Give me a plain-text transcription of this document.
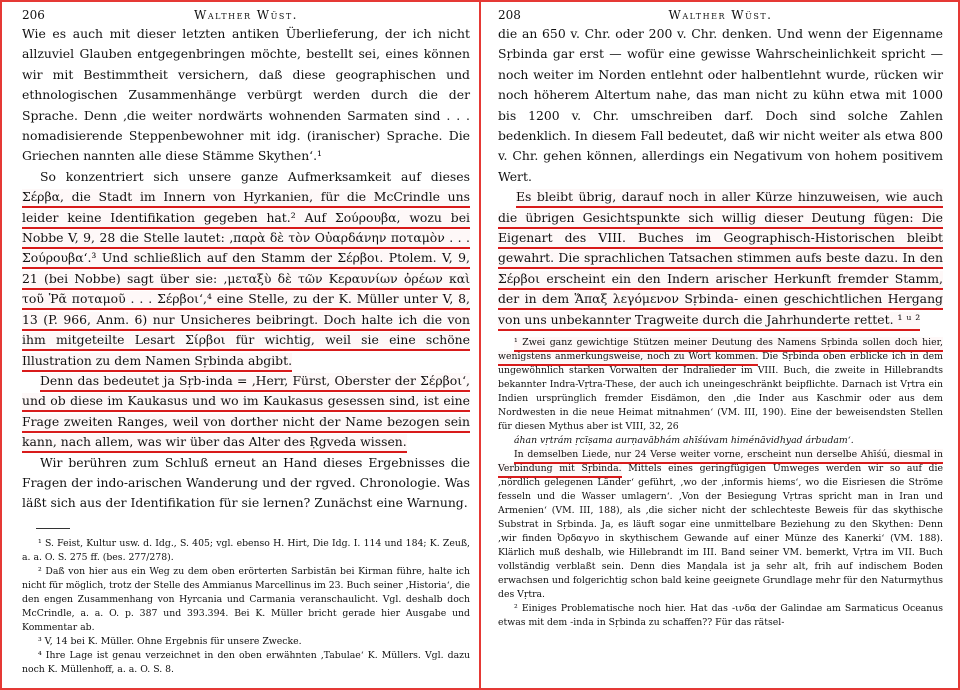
206	Walther Wüst.

Wie es auch mit dieser letzten antiken Überlieferung, der ich nicht allzuviel Glauben entgegenbringen möchte, bestellt sei, eines können wir mit Bestimmtheit versichern, daß diese geographischen und ethnologischen Zusammenhänge verbürgt werden durch die der Sprache. Denn ‚die weiter nordwärts wohnenden Sarmaten sind . . . nomadisierende Steppenbewohner mit idg. (iranischer) Sprache. Die Griechen nannten alle diese Stämme Skythen‘.¹

So konzentriert sich unsere ganze Aufmerksamkeit auf dieses Σέρβα, die Stadt im Innern von Hyrkanien, für die McCrindle uns leider keine Identifikation gegeben hat.² Auf Σούρουβα, wozu bei Nobbe V, 9, 28 die Stelle lautet: ‚παρὰ δὲ τὸν Οὐαρδάνην ποταμὸν . . . Σούρουβα‘.³ Und schließlich auf den Stamm der Σέρβοι. Ptolem. V, 9, 21 (bei Nobbe) sagt über sie: ‚μεταξὺ δὲ τῶν Κεραυνίων ὀρέων καὶ τοῦ Ῥᾶ ποταμοῦ . . . Σέρβοι‘,⁴ eine Stelle, zu der K. Müller unter V, 8, 13 (P. 966, Anm. 6) nur Unsicheres beibringt. Doch halte ich die von ihm mitgeteilte Lesart Σίρβοι für wichtig, weil sie eine schöne Illustration zu dem Namen Sṛbinda abgibt.

Denn das bedeutet ja Sṛb-inda = ‚Herr, Fürst, Oberster der Σέρβοι‘, und ob diese im Kaukasus und wo im Kaukasus gesessen sind, ist eine Frage zweiten Ranges, weil von dorther nicht der Name bezogen sein kann, nach allem, was wir über das Alter des Ṛgveda wissen.

Wir berühren zum Schluß erneut an Hand dieses Ergebnisses die Fragen der indo-arischen Wanderung und der rgved. Chronologie. Was läßt sich aus der Identifikation für sie lernen? Zunächst eine Warnung.

¹ S. Feist, Kultur usw. d. Idg., S. 405; vgl. ebenso H. Hirt, Die Idg. I. 114 und 184; K. Zeuß, a. a. O. S. 275 ff. (bes. 277/278).

² Daß von hier aus ein Weg zu dem oben erörterten Sarbistān bei Kirman führe, halte ich nicht für möglich, trotz der Stelle des Ammianus Marcellinus im 23. Buch seiner ‚Historia‘, die den engen Zusammenhang von Hyrcania und Carmania veranschaulicht. Vgl. deshalb doch McCrindle, a. a. O. p. 387 und 393.394. Bei K. Müller bricht gerade hier Ausgabe und Kommentar ab.

³ V, 14 bei K. Müller. Ohne Ergebnis für unsere Zwecke.

⁴ Ihre Lage ist genau verzeichnet in den oben erwähnten ‚Tabulae‘ K. Müllers. Vgl. dazu noch K. Müllenhoff, a. a. O. S. 8.

208	Walther Wüst.

die an 650 v. Chr. oder 200 v. Chr. denken. Und wenn der Eigenname Sṛbinda gar erst — wofür eine gewisse Wahrscheinlichkeit spricht — noch weiter im Norden entlehnt oder halbentlehnt wurde, rücken wir noch höherem Altertum nahe, das man nicht zu kühn etwa mit 1000 bis 1200 v. Chr. umschreiben darf. Doch sind solche Zahlen bedenklich. In diesem Fall bedeutet, daß wir nicht weiter als etwa 800 v. Chr. gehen können, allerdings ein Negativum von hohem positivem Wert.

Es bleibt übrig, darauf noch in aller Kürze hinzuweisen, wie auch die übrigen Gesichtspunkte sich willig dieser Deutung fügen: Die Eigenart des VIII. Buches im Geographisch-Historischen bleibt gewahrt. Die sprachlichen Tatsachen stimmen aufs beste dazu. In den Σέρβοι erscheint ein den Indern arischer Herkunft fremder Stamm, der in dem Ἅπαξ λεγόμενον Sṛbinda- einen geschichtlichen Hergang von uns unbekannter Tragweite durch die Jahrhunderte rettet. ¹ ᵘ ²

¹ Zwei ganz gewichtige Stützen meiner Deutung des Namens Sṛbinda sollen doch hier, wenigstens anmerkungsweise, noch zu Wort kommen. Die Sṛbinda oben erblicke ich in dem ungewöhnlich starken Vorwalten der Indralieder im VIII. Buch, die zweite in Hillebrandts bekannter Indra-Vṛtra-These, der auch ich uneingeschränkt beipflichte. Darnach ist Vṛtra ein Indien ursprünglich fremder Eisdämon, den ‚die Inder aus Kaschmir oder aus dem Nordwesten in die neue Heimat mitnahmen‘ (VM. III, 190). Eine der beweisendsten Stellen für diesen Mythus aber ist VIII, 32, 26

áhan vṛtrám ṛcīṣama aurṇavābhám ahīśúvam himénāvidhyad árbudam‘.

In demselben Liede, nur 24 Verse weiter vorne, erscheint nun derselbe Ahīśú, diesmal in Verbindung mit Sṛbinda. Mittels eines geringfügigen Umweges werden wir so auf die ‚nördlich gelegenen Länder‘ geführt, ‚wo der ‚informis hiems‘, wo die Eisriesen die Ströme fesseln und die Wasser umlagern‘. ‚Von der Besiegung Vṛtras spricht man in Iran und Armenien‘ (VM. III, 188), als ‚die sicher nicht der schlechteste Beweis für das skythische Substrat in Sṛbinda. Ja, es läuft sogar eine unmittelbare Beziehung zu den Skythen: Denn ‚wir finden Ὀρδαγνο in skythischem Gewande auf einer Münze des Kanerki‘ (VM. 188). Klärlich muß deshalb, wie Hillebrandt im III. Band seiner VM. bemerkt, Vṛtra im VII. Buch vollständig verblaßt sein. Denn dies Maṇḍala ist ja sehr alt, frih auf indischem Boden erwachsen und folgerichtig schon bald keine geeignete Grundlage mehr für den Naturmythus des Vṛtra.

² Einiges Problematische noch hier. Hat das -ινδα der Galindae am Sarmaticus Oceanus etwas mit dem -inda in Sṛbinda zu schaffen?? Für das rätsel-
